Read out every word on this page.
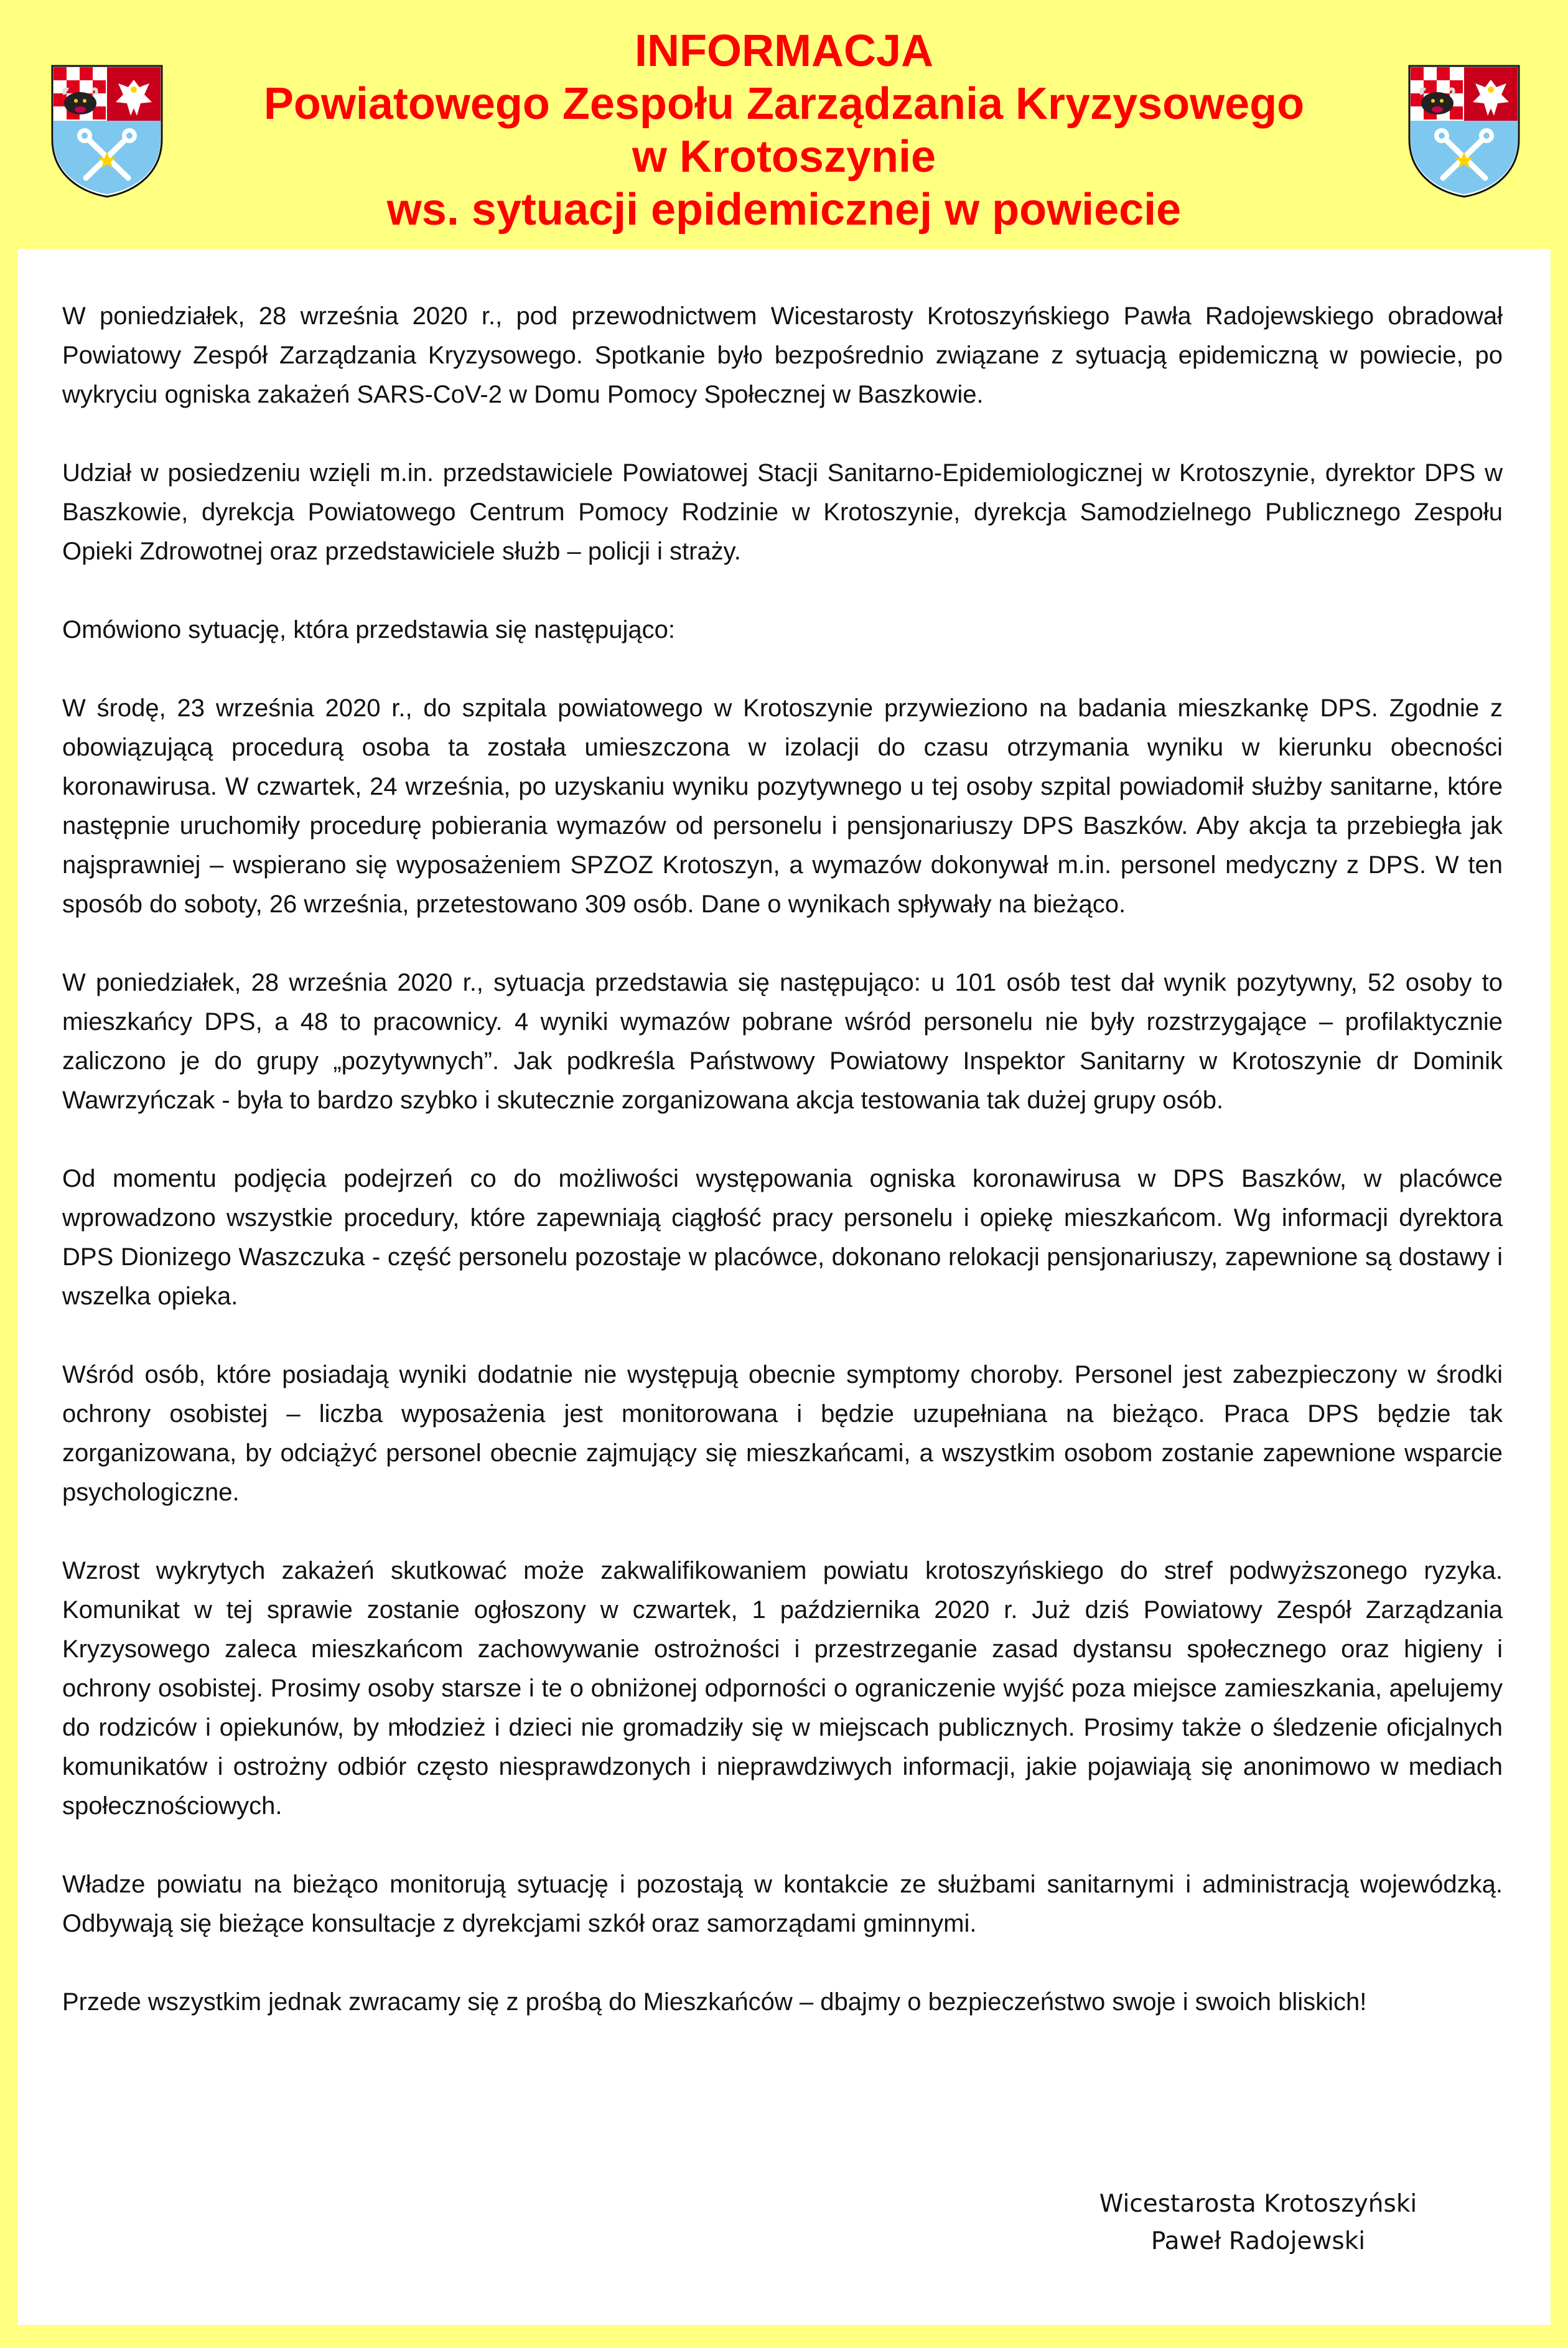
INFORMACJA
Powiatowego Zespołu Zarządzania Kryzysowego
w Krotoszynie
ws. sytuacji epidemicznej w powiecie

W poniedziałek, 28 września 2020 r., pod przewodnictwem Wicestarosty Krotoszyńskiego Pawła Radojewskiego obradował Powiatowy Zespół Zarządzania Kryzysowego. Spotkanie było bezpośrednio związane z sytuacją epidemiczną w powiecie, po wykryciu ogniska zakażeń SARS-CoV-2 w Domu Pomocy Społecznej w Baszkowie.

Udział w posiedzeniu wzięli m.in. przedstawiciele Powiatowej Stacji Sanitarno-Epidemiologicznej w Krotoszynie, dyrektor DPS w Baszkowie, dyrekcja Powiatowego Centrum Pomocy Rodzinie w Krotoszynie, dyrekcja Samodzielnego Publicznego Zespołu Opieki Zdrowotnej oraz przedstawiciele służb – policji i straży.

Omówiono sytuację, która przedstawia się następująco:

W środę, 23 września 2020 r., do szpitala powiatowego w Krotoszynie przywieziono na badania mieszkankę DPS. Zgodnie z obowiązującą procedurą osoba ta została umieszczona w izolacji do czasu otrzymania wyniku w kierunku obecności koronawirusa. W czwartek, 24 września, po uzyskaniu wyniku pozytywnego u tej osoby szpital powiadomił służby sanitarne, które następnie uruchomiły procedurę pobierania wymazów od personelu i pensjonariuszy DPS Baszków. Aby akcja ta przebiegła jak najsprawniej – wspierano się wyposażeniem SPZOZ Krotoszyn, a wymazów dokonywał m.in. personel medyczny z DPS. W ten sposób do soboty, 26 września, przetestowano 309 osób. Dane o wynikach spływały na bieżąco.

W poniedziałek, 28 września 2020 r., sytuacja przedstawia się następująco: u 101 osób test dał wynik pozytywny, 52 osoby to mieszkańcy DPS, a 48 to pracownicy. 4 wyniki wymazów pobrane wśród personelu nie były rozstrzygające – profilaktycznie zaliczono je do grupy „pozytywnych”. Jak podkreśla Państwowy Powiatowy Inspektor Sanitarny w Krotoszynie dr Dominik Wawrzyńczak - była to bardzo szybko i skutecznie zorganizowana akcja testowania tak dużej grupy osób.

Od momentu podjęcia podejrzeń co do możliwości występowania ogniska koronawirusa w DPS Baszków, w placówce wprowadzono wszystkie procedury, które zapewniają ciągłość pracy personelu i opiekę mieszkańcom. Wg informacji dyrektora DPS Dionizego Waszczuka - część personelu pozostaje w placówce, dokonano relokacji pensjonariuszy, zapewnione są dostawy i wszelka opieka.

Wśród osób, które posiadają wyniki dodatnie nie występują obecnie symptomy choroby. Personel jest zabezpieczony w środki ochrony osobistej – liczba wyposażenia jest monitorowana i będzie uzupełniana na bieżąco. Praca DPS będzie tak zorganizowana, by odciążyć personel obecnie zajmujący się mieszkańcami, a wszystkim osobom zostanie zapewnione wsparcie psychologiczne.

Wzrost wykrytych zakażeń skutkować może zakwalifikowaniem powiatu krotoszyńskiego do stref podwyższonego ryzyka. Komunikat w tej sprawie zostanie ogłoszony w czwartek, 1 października 2020 r. Już dziś Powiatowy Zespół Zarządzania Kryzysowego zaleca mieszkańcom zachowywanie ostrożności i przestrzeganie zasad dystansu społecznego oraz higieny i ochrony osobistej. Prosimy osoby starsze i te o obniżonej odporności o ograniczenie wyjść poza miejsce zamieszkania, apelujemy do rodziców i opiekunów, by młodzież i dzieci nie gromadziły się w miejscach publicznych. Prosimy także o śledzenie oficjalnych komunikatów i ostrożny odbiór często niesprawdzonych i nieprawdziwych informacji, jakie pojawiają się anonimowo w mediach społecznościowych.

Władze powiatu na bieżąco monitorują sytuację i pozostają w kontakcie ze służbami sanitarnymi i administracją wojewódzką. Odbywają się bieżące konsultacje z dyrekcjami szkół oraz samorządami gminnymi.

Przede wszystkim jednak zwracamy się z prośbą do Mieszkańców – dbajmy o bezpieczeństwo swoje i swoich bliskich!

Wicestarosta Krotoszyński
Paweł Radojewski
